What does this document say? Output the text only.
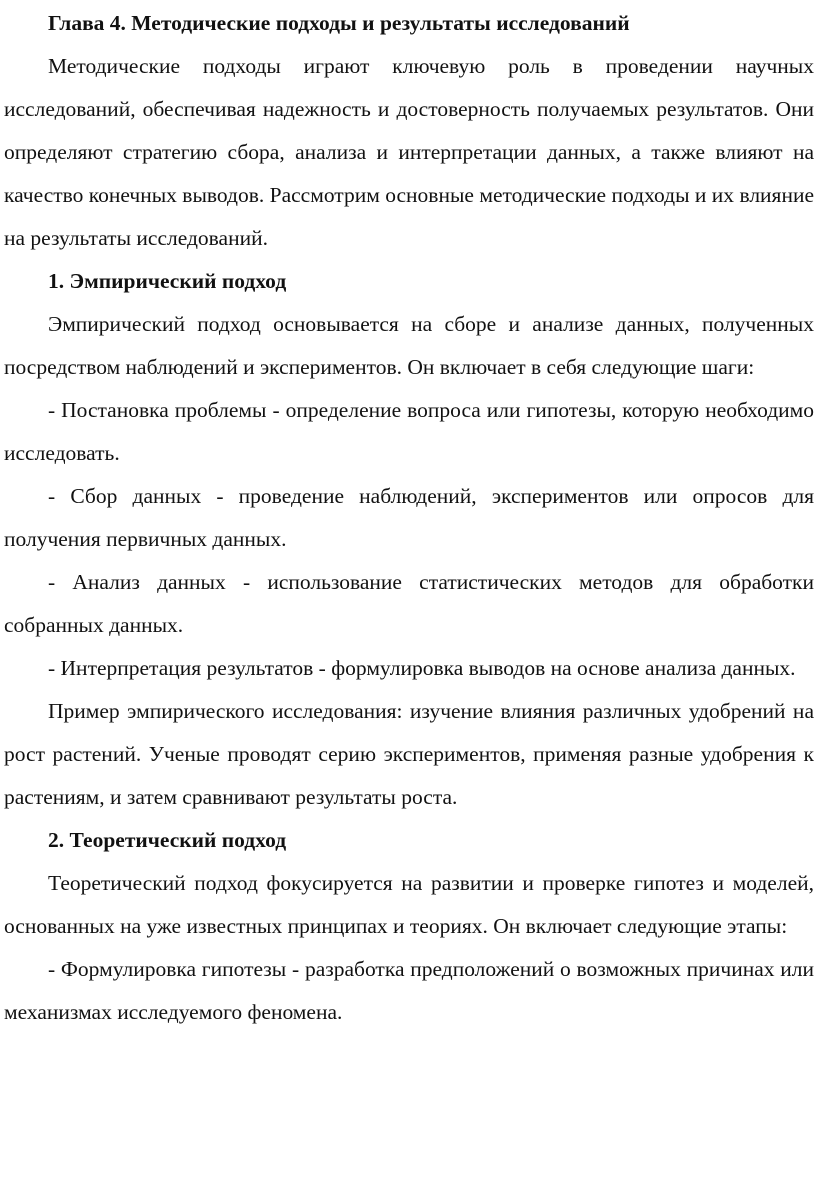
Глава 4. Методические подходы и результаты исследований

Методические подходы играют ключевую роль в проведении научных исследований, обеспечивая надежность и достоверность получаемых результатов. Они определяют стратегию сбора, анализа и интерпретации данных, а также влияют на качество конечных выводов. Рассмотрим основные методические подходы и их влияние на результаты исследований.

1. Эмпирический подход

Эмпирический подход основывается на сборе и анализе данных, полученных посредством наблюдений и экспериментов. Он включает в себя следующие шаги:

- Постановка проблемы - определение вопроса или гипотезы, которую необходимо исследовать.

- Сбор данных - проведение наблюдений, экспериментов или опросов для получения первичных данных.

- Анализ данных - использование статистических методов для обработки собранных данных.

- Интерпретация результатов - формулировка выводов на основе анализа данных.

Пример эмпирического исследования: изучение влияния различных удобрений на рост растений. Ученые проводят серию экспериментов, применяя разные удобрения к растениям, и затем сравнивают результаты роста.

2. Теоретический подход

Теоретический подход фокусируется на развитии и проверке гипотез и моделей, основанных на уже известных принципах и теориях. Он включает следующие этапы:

- Формулировка гипотезы - разработка предположений о возможных причинах или механизмах исследуемого феномена.
